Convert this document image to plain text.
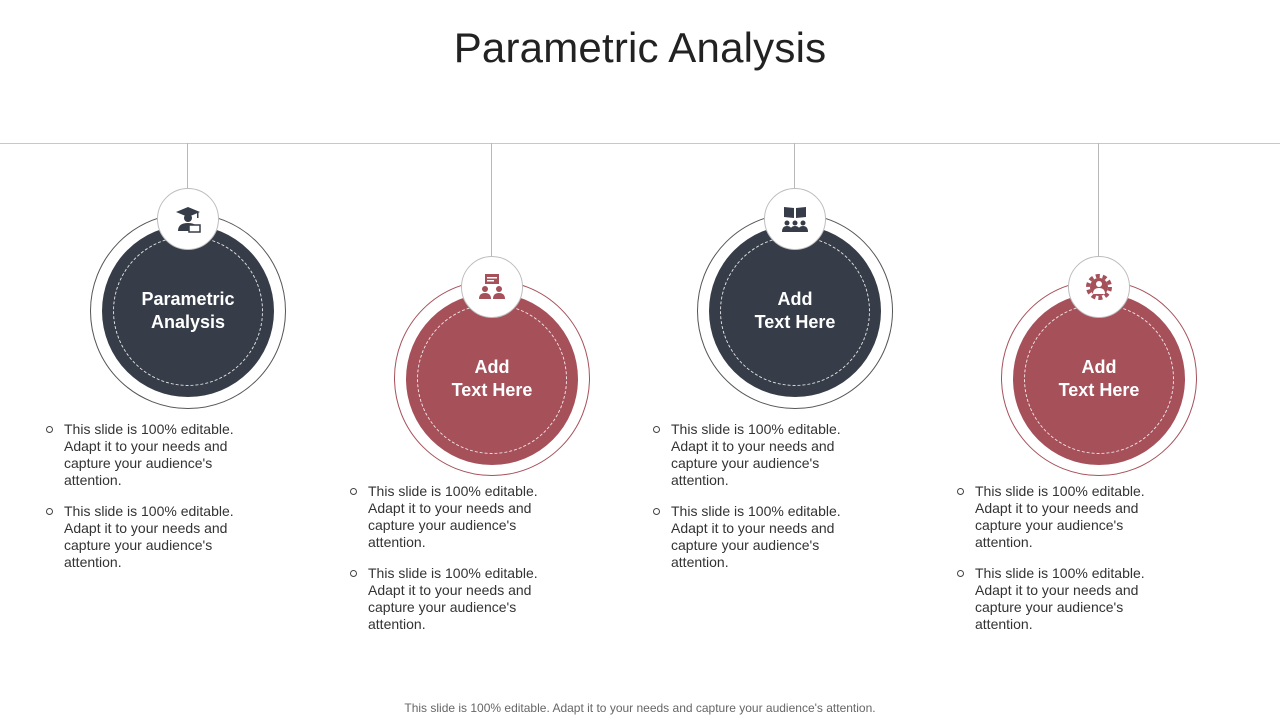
Parametric Analysis
Parametric
Analysis
This slide is 100% editable. Adapt it to your needs and capture your audience's attention.
This slide is 100% editable. Adapt it to your needs and capture your audience's attention.
Add
Text Here
This slide is 100% editable. Adapt it to your needs and capture your audience's attention.
This slide is 100% editable. Adapt it to your needs and capture your audience's attention.
Add
Text Here
This slide is 100% editable. Adapt it to your needs and capture your audience's attention.
This slide is 100% editable. Adapt it to your needs and capture your audience's attention.
Add
Text Here
This slide is 100% editable. Adapt it to your needs and capture your audience's attention.
This slide is 100% editable. Adapt it to your needs and capture your audience's attention.
This slide is 100% editable. Adapt it to your needs and capture your audience's attention.
